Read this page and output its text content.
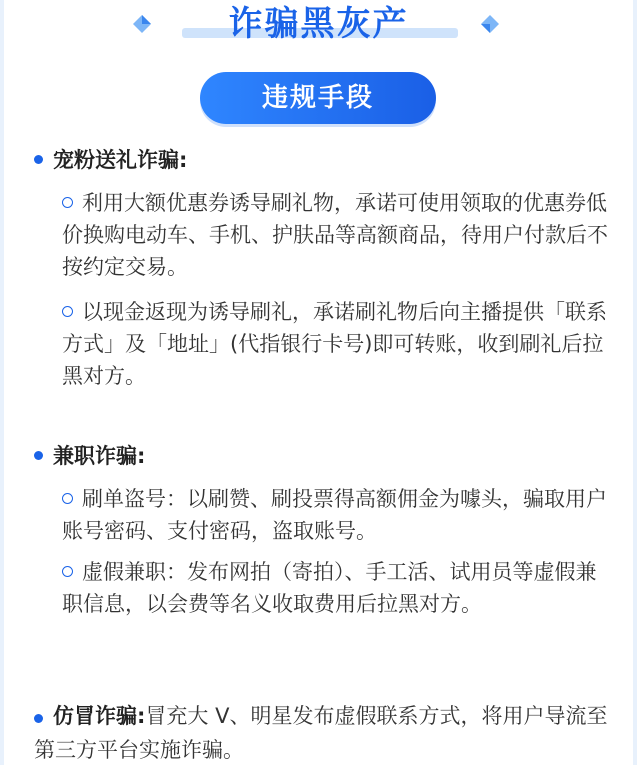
诈骗黑灰产
违规手段
宠粉送礼诈骗:
利用大额优惠券诱导刷礼物，承诺可使用领取的优惠券低价换购电动车、手机、护肤品等高额商品，待用户付款后不按约定交易。
以现金返现为诱导刷礼，承诺刷礼物后向主播提供「联系方式」及「地址」(代指银行卡号)即可转账，收到刷礼后拉黑对方。
兼职诈骗:
刷单盗号：以刷赞、刷投票得高额佣金为噱头，骗取用户账号密码、支付密码，盗取账号。
虚假兼职：发布网拍（寄拍）、手工活、试用员等虚假兼职信息，以会费等名义收取费用后拉黑对方。
仿冒诈骗:冒充大 V、明星发布虚假联系方式，将用户导流至第三方平台实施诈骗。
